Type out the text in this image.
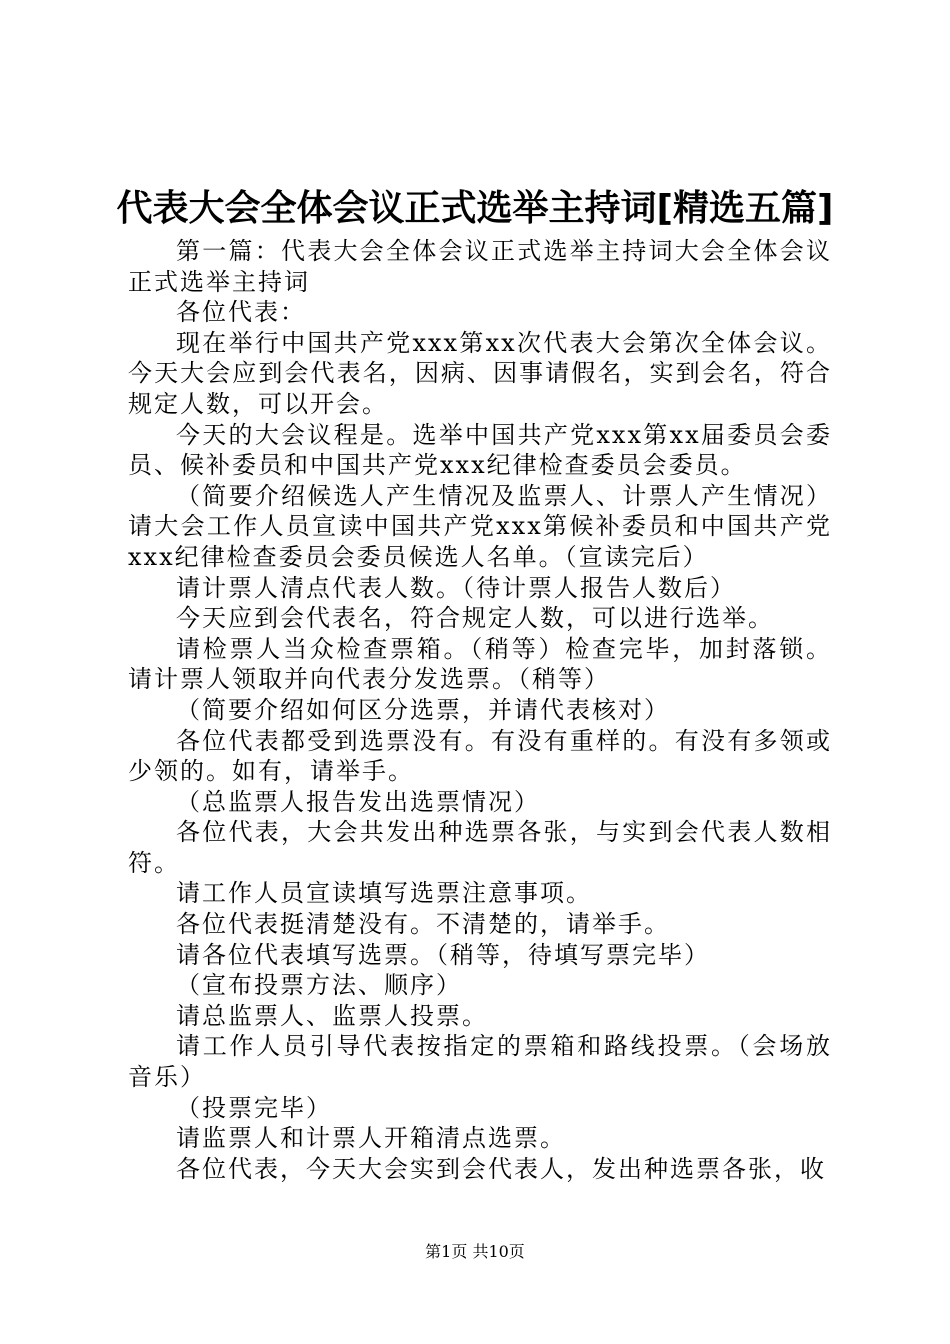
代表大会全体会议正式选举主持词[精选五篇]

第一篇：代表大会全体会议正式选举主持词大会全体会议正式选举主持词

各位代表：

现在举行中国共产党xxx第xx次代表大会第次全体会议。今天大会应到会代表名，因病、因事请假名，实到会名，符合规定人数，可以开会。

今天的大会议程是。选举中国共产党xxx第xx届委员会委员、候补委员和中国共产党xxx纪律检查委员会委员。

（简要介绍候选人产生情况及监票人、计票人产生情况）请大会工作人员宣读中国共产党xxx第候补委员和中国共产党xxx纪律检查委员会委员候选人名单。（宣读完后）

请计票人清点代表人数。（待计票人报告人数后）

今天应到会代表名，符合规定人数，可以进行选举。

请检票人当众检查票箱。（稍等）检查完毕，加封落锁。请计票人领取并向代表分发选票。（稍等）

（简要介绍如何区分选票，并请代表核对）

各位代表都受到选票没有。有没有重样的。有没有多领或少领的。如有，请举手。

（总监票人报告发出选票情况）

各位代表，大会共发出种选票各张，与实到会代表人数相符。

请工作人员宣读填写选票注意事项。

各位代表挺清楚没有。不清楚的，请举手。

请各位代表填写选票。（稍等，待填写票完毕）

（宣布投票方法、顺序）

请总监票人、监票人投票。

请工作人员引导代表按指定的票箱和路线投票。（会场放音乐）

（投票完毕）

请监票人和计票人开箱清点选票。

各位代表，今天大会实到会代表人，发出种选票各张，收

第1页 共10页
